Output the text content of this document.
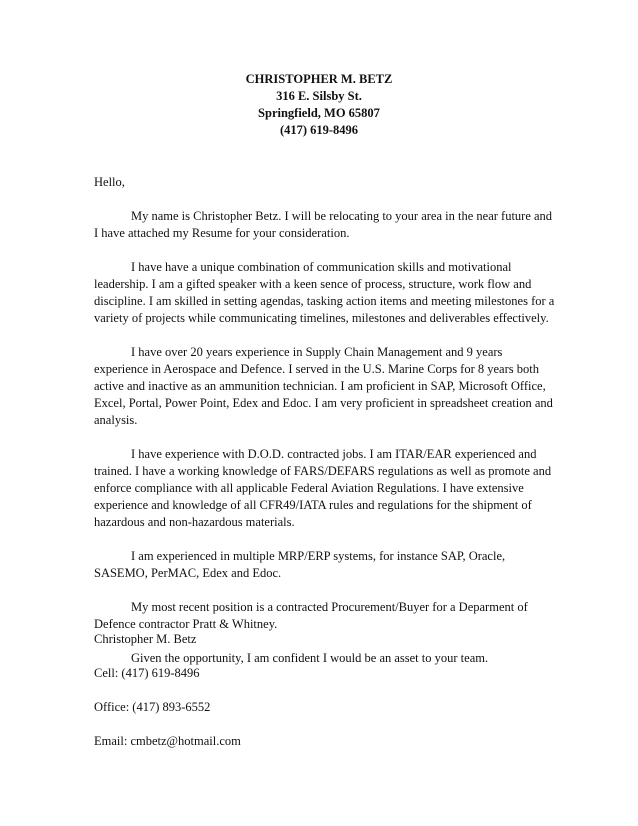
CHRISTOPHER M. BETZ
316 E. Silsby St.
Springfield, MO 65807
(417) 619-8496

Hello,

My name is Christopher Betz. I will be relocating to your area in the near future and I have attached my Resume for your consideration.

I have have a unique combination of communication skills and motivational leadership. I am a gifted speaker with a keen sence of process, structure, work flow and discipline. I am skilled in setting agendas, tasking action items and meeting milestones for a variety of projects while communicating timelines, milestones and deliverables effectively.

I have over 20 years experience in Supply Chain Management and 9 years experience in Aerospace and Defence. I served in the U.S. Marine Corps for 8 years both active and inactive as an ammunition technician. I am proficient in SAP, Microsoft Office, Excel, Portal, Power Point, Edex and Edoc. I am very proficient in spreadsheet creation and analysis.

I have experience with D.O.D. contracted jobs. I am ITAR/EAR experienced and trained. I have a working knowledge of FARS/DEFARS regulations as well as promote and enforce compliance with all applicable Federal Aviation Regulations. I have extensive experience and knowledge of all CFR49/IATA rules and regulations for the shipment of hazardous and non-hazardous materials.

I am experienced in multiple MRP/ERP systems, for instance SAP, Oracle, SASEMO, PerMAC, Edex and Edoc.

My most recent position is a contracted Procurement/Buyer for a Deparment of Defence contractor Pratt & Whitney.

Given the opportunity, I am confident I would be an asset to your team.

Christopher M. Betz
Cell: (417) 619-8496
Office: (417) 893-6552
Email: cmbetz@hotmail.com
